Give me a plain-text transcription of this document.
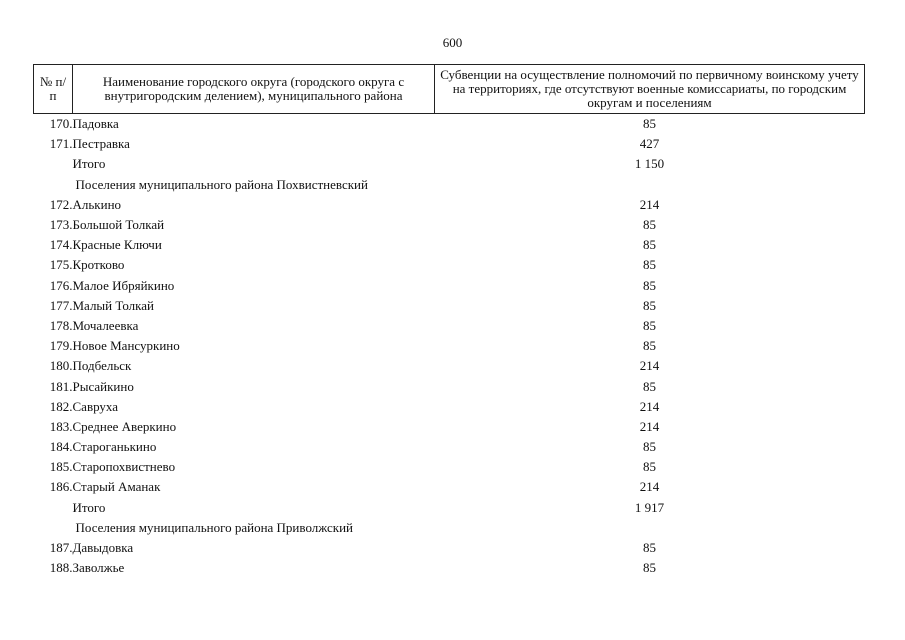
600
№ п/п	Наименование городского округа (городского округа с внутригородским делением), муниципального района	Субвенции на осуществление полномочий по первичному воинскому учету на территориях, где отсутствуют военные комиссариаты, по городским округам и поселениям
170.	Падовка	85
171.	Пестравка	427
	Итого	1 150
	Поселения муниципального района Похвистневский	
172.	Алькино	214
173.	Большой Толкай	85
174.	Красные Ключи	85
175.	Кротково	85
176.	Малое Ибряйкино	85
177.	Малый Толкай	85
178.	Мочалеевка	85
179.	Новое Мансуркино	85
180.	Подбельск	214
181.	Рысайкино	85
182.	Савруха	214
183.	Среднее Аверкино	214
184.	Староганькино	85
185.	Старопохвистнево	85
186.	Старый Аманак	214
	Итого	1 917
	Поселения муниципального района Приволжский	
187.	Давыдовка	85
188.	Заволжье	85
